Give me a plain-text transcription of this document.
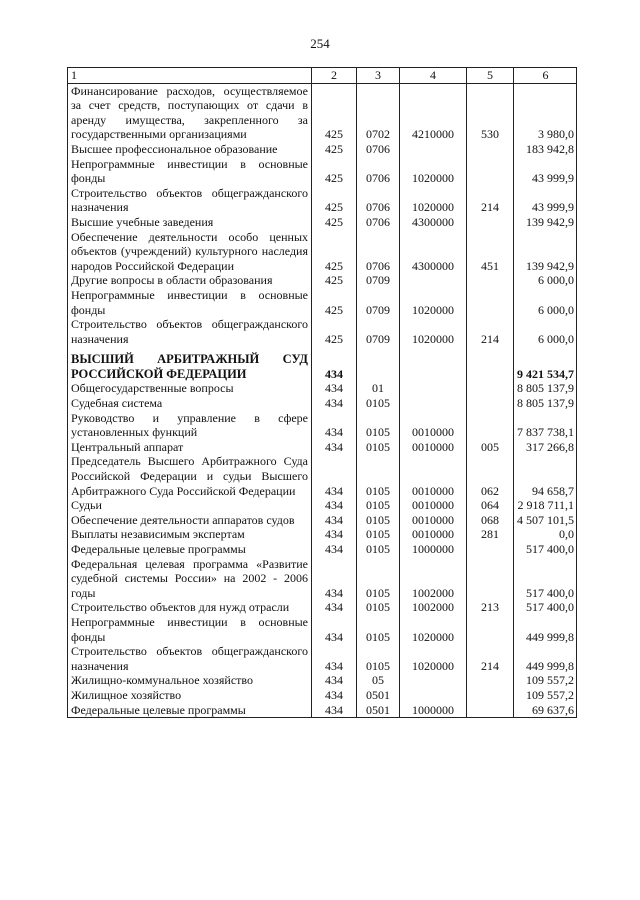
254
1	2	3	4	5	6
Финансирование расходов, осуществляемое за счет средств, поступающих от сдачи в аренду имущества, закрепленного за государственными организациями	425	0702	4210000	530	3 980,0
Высшее профессиональное образование	425	0706			183 942,8
Непрограммные инвестиции в основные фонды	425	0706	1020000		43 999,9
Строительство объектов общегражданского назначения	425	0706	1020000	214	43 999,9
Высшие учебные заведения	425	0706	4300000		139 942,9
Обеспечение деятельности особо ценных объектов (учреждений) культурного наследия народов Российской Федерации	425	0706	4300000	451	139 942,9
Другие вопросы в области образования	425	0709			6 000,0
Непрограммные инвестиции в основные фонды	425	0709	1020000		6 000,0
Строительство объектов общегражданского назначения	425	0709	1020000	214	6 000,0

ВЫСШИЙ АРБИТРАЖНЫЙ СУД РОССИЙСКОЙ ФЕДЕРАЦИИ	434				9 421 534,7
Общегосударственные вопросы	434	01			8 805 137,9
Судебная система	434	0105			8 805 137,9
Руководство и управление в сфере установленных функций	434	0105	0010000		7 837 738,1
Центральный аппарат	434	0105	0010000	005	317 266,8
Председатель Высшего Арбитражного Суда Российской Федерации и судьи Высшего Арбитражного Суда Российской Федерации	434	0105	0010000	062	94 658,7
Судьи	434	0105	0010000	064	2 918 711,1
Обеспечение деятельности аппаратов судов	434	0105	0010000	068	4 507 101,5
Выплаты независимым экспертам	434	0105	0010000	281	0,0
Федеральные целевые программы	434	0105	1000000		517 400,0
Федеральная целевая программа «Развитие судебной системы России» на 2002 - 2006 годы	434	0105	1002000		517 400,0
Строительство объектов для нужд отрасли	434	0105	1002000	213	517 400,0
Непрограммные инвестиции в основные фонды	434	0105	1020000		449 999,8
Строительство объектов общегражданского назначения	434	0105	1020000	214	449 999,8
Жилищно-коммунальное хозяйство	434	05			109 557,2
Жилищное хозяйство	434	0501			109 557,2
Федеральные целевые программы	434	0501	1000000		69 637,6
